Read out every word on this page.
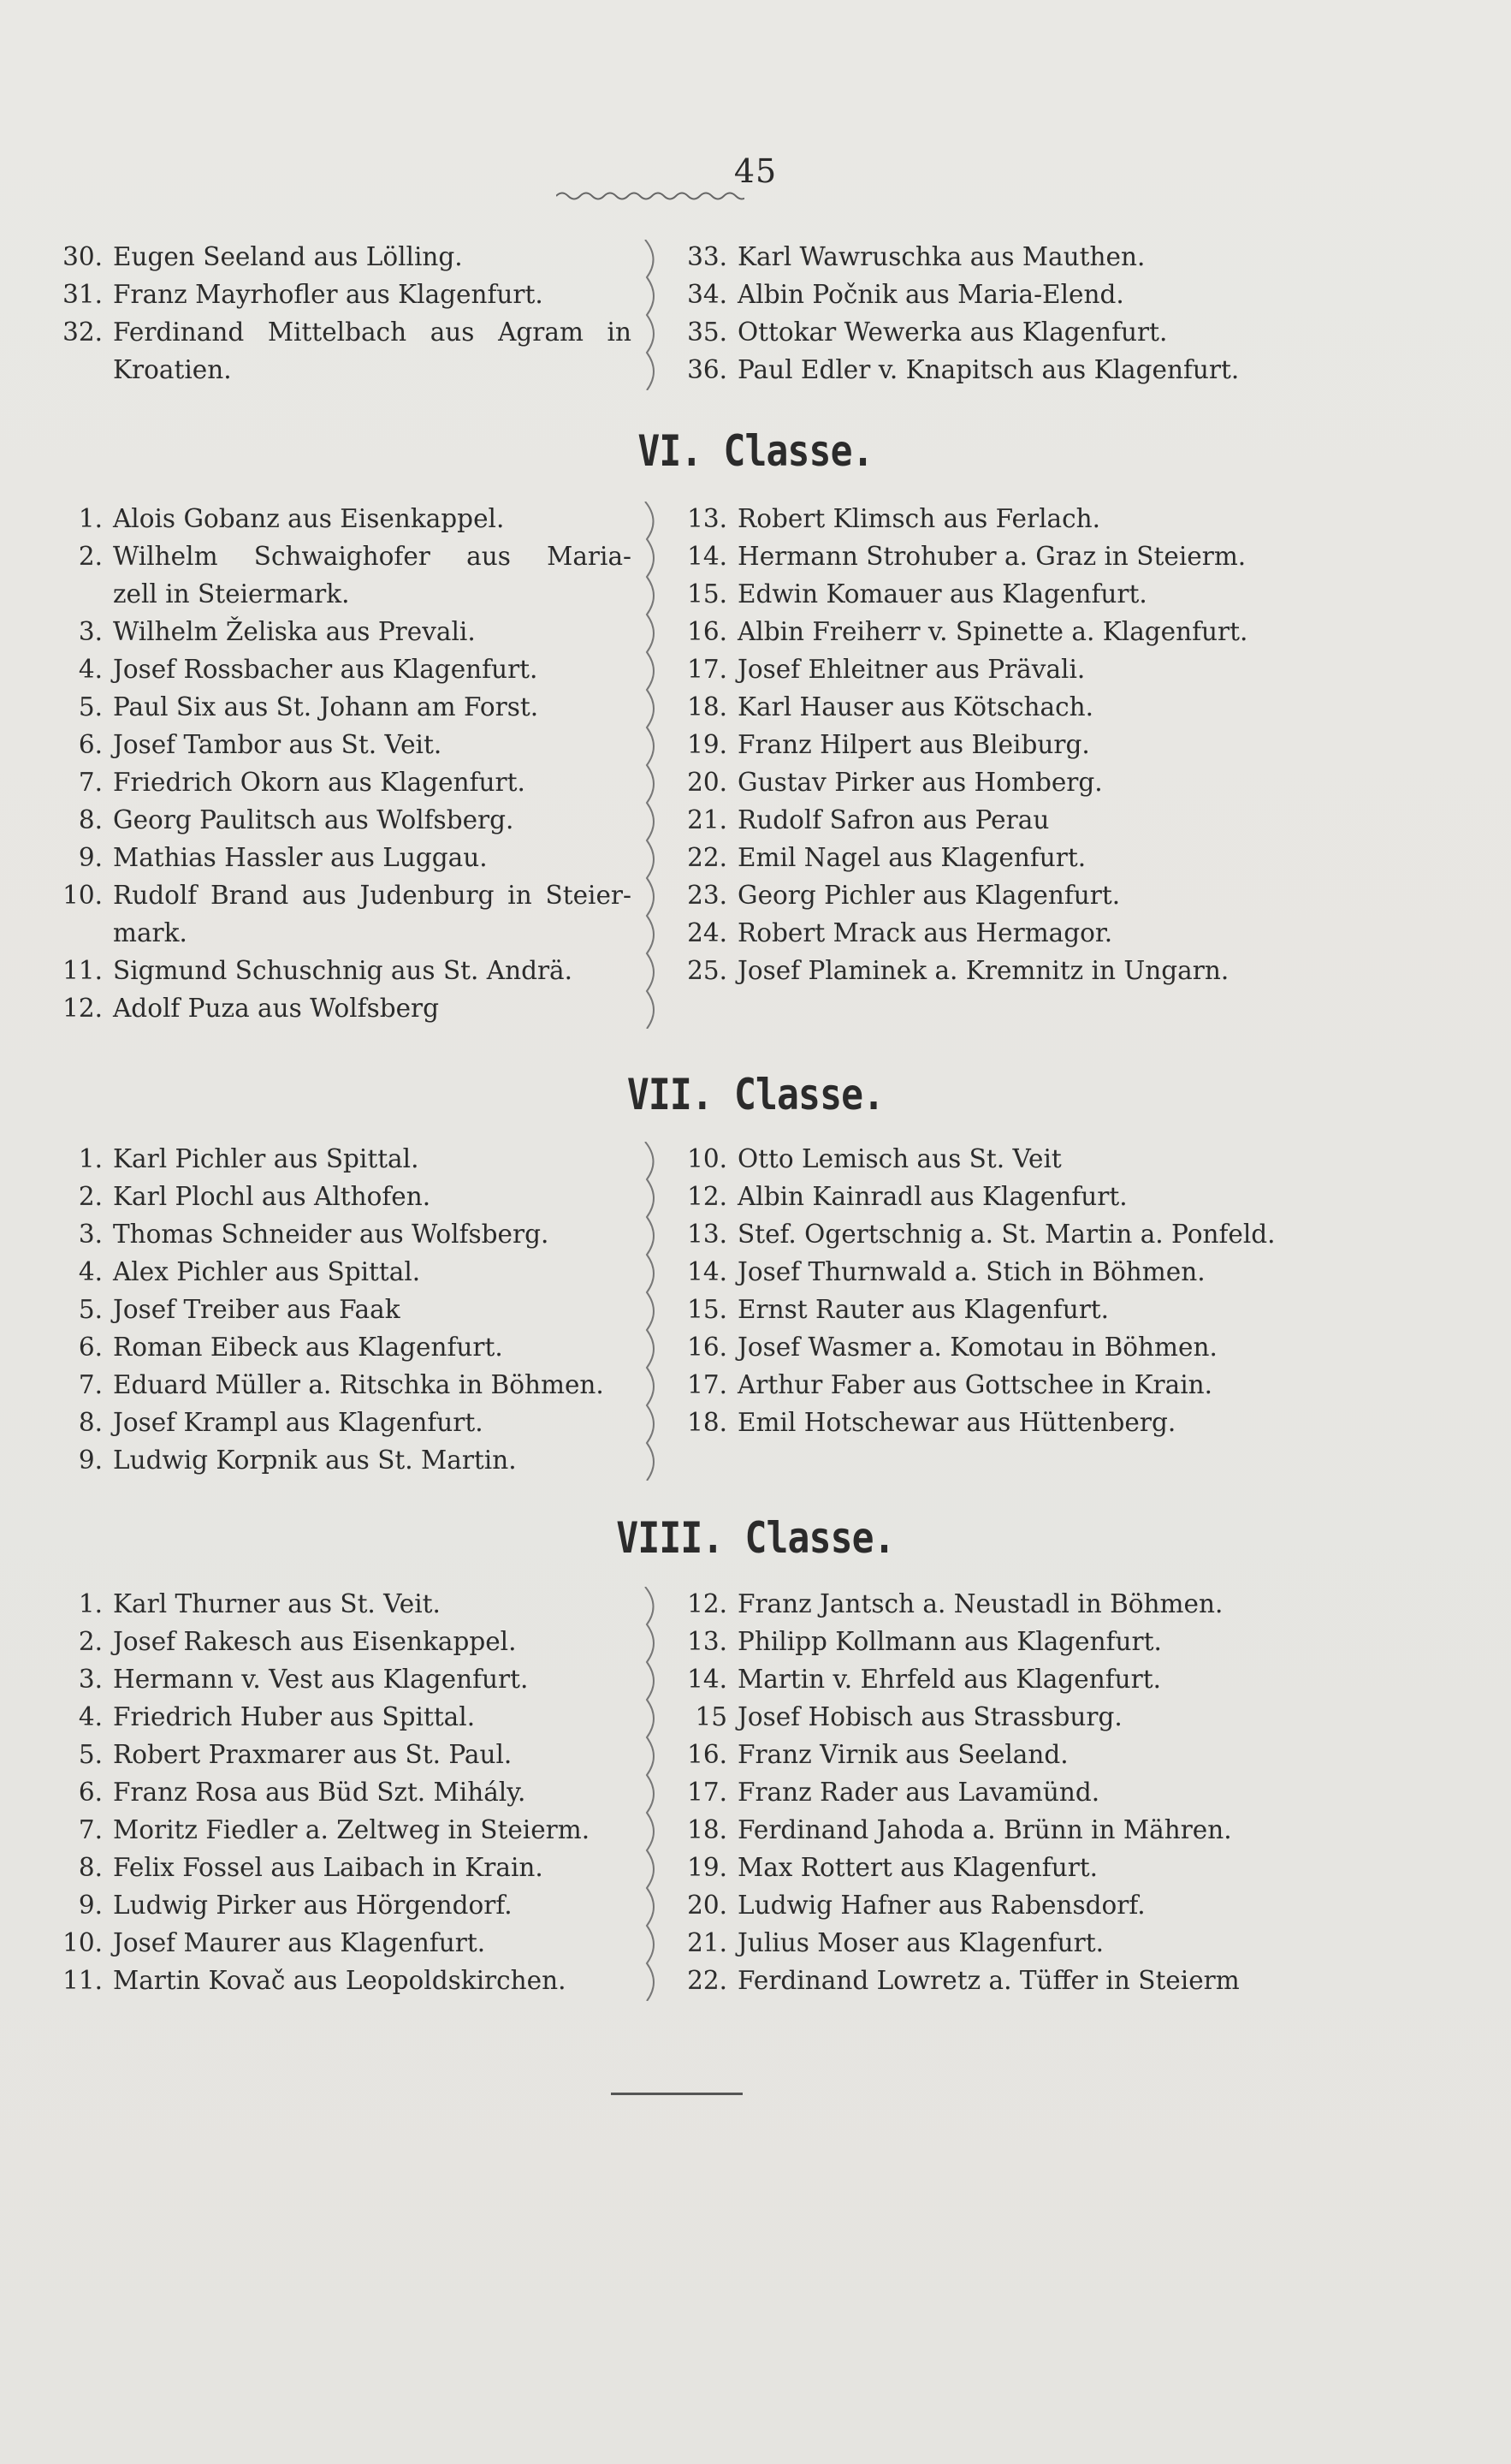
45
30. Eugen Seeland aus Lölling.
31. Franz Mayrhofler aus Klagenfurt.
32. Ferdinand Mittelbach aus Agram in
Kroatien.
33. Karl Wawruschka aus Mauthen.
34. Albin Počnik aus Maria-Elend.
35. Ottokar Wewerka aus Klagenfurt.
36. Paul Edler v. Knapitsch aus Klagenfurt.
VI. Classe.
1. Alois Gobanz aus Eisenkappel.
2. Wilhelm Schwaighofer aus Maria-
zell in Steiermark.
3. Wilhelm Želiska aus Prevali.
4. Josef Rossbacher aus Klagenfurt.
5. Paul Six aus St. Johann am Forst.
6. Josef Tambor aus St. Veit.
7. Friedrich Okorn aus Klagenfurt.
8. Georg Paulitsch aus Wolfsberg.
9. Mathias Hassler aus Luggau.
10. Rudolf Brand aus Judenburg in Steier-
mark.
11. Sigmund Schuschnig aus St. Andrä.
12. Adolf Puza aus Wolfsberg
13. Robert Klimsch aus Ferlach.
14. Hermann Strohuber a. Graz in Steierm.
15. Edwin Komauer aus Klagenfurt.
16. Albin Freiherr v. Spinette a. Klagenfurt.
17. Josef Ehleitner aus Prävali.
18. Karl Hauser aus Kötschach.
19. Franz Hilpert aus Bleiburg.
20. Gustav Pirker aus Homberg.
21. Rudolf Safron aus Perau
22. Emil Nagel aus Klagenfurt.
23. Georg Pichler aus Klagenfurt.
24. Robert Mrack aus Hermagor.
25. Josef Plaminek a. Kremnitz in Ungarn.
VII. Classe.
1. Karl Pichler aus Spittal.
2. Karl Plochl aus Althofen.
3. Thomas Schneider aus Wolfsberg.
4. Alex Pichler aus Spittal.
5. Josef Treiber aus Faak
6. Roman Eibeck aus Klagenfurt.
7. Eduard Müller a. Ritschka in Böhmen.
8. Josef Krampl aus Klagenfurt.
9. Ludwig Korpnik aus St. Martin.
10. Otto Lemisch aus St. Veit
12. Albin Kainradl aus Klagenfurt.
13. Stef. Ogertschnig a. St. Martin a. Ponfeld.
14. Josef Thurnwald a. Stich in Böhmen.
15. Ernst Rauter aus Klagenfurt.
16. Josef Wasmer a. Komotau in Böhmen.
17. Arthur Faber aus Gottschee in Krain.
18. Emil Hotschewar aus Hüttenberg.
VIII. Classe.
1. Karl Thurner aus St. Veit.
2. Josef Rakesch aus Eisenkappel.
3. Hermann v. Vest aus Klagenfurt.
4. Friedrich Huber aus Spittal.
5. Robert Praxmarer aus St. Paul.
6. Franz Rosa aus Büd Szt. Mihály.
7. Moritz Fiedler a. Zeltweg in Steierm.
8. Felix Fossel aus Laibach in Krain.
9. Ludwig Pirker aus Hörgendorf.
10. Josef Maurer aus Klagenfurt.
11. Martin Kovač aus Leopoldskirchen.
12. Franz Jantsch a. Neustadl in Böhmen.
13. Philipp Kollmann aus Klagenfurt.
14. Martin v. Ehrfeld aus Klagenfurt.
15 Josef Hobisch aus Strassburg.
16. Franz Virnik aus Seeland.
17. Franz Rader aus Lavamünd.
18. Ferdinand Jahoda a. Brünn in Mähren.
19. Max Rottert aus Klagenfurt.
20. Ludwig Hafner aus Rabensdorf.
21. Julius Moser aus Klagenfurt.
22. Ferdinand Lowretz a. Tüffer in Steierm
